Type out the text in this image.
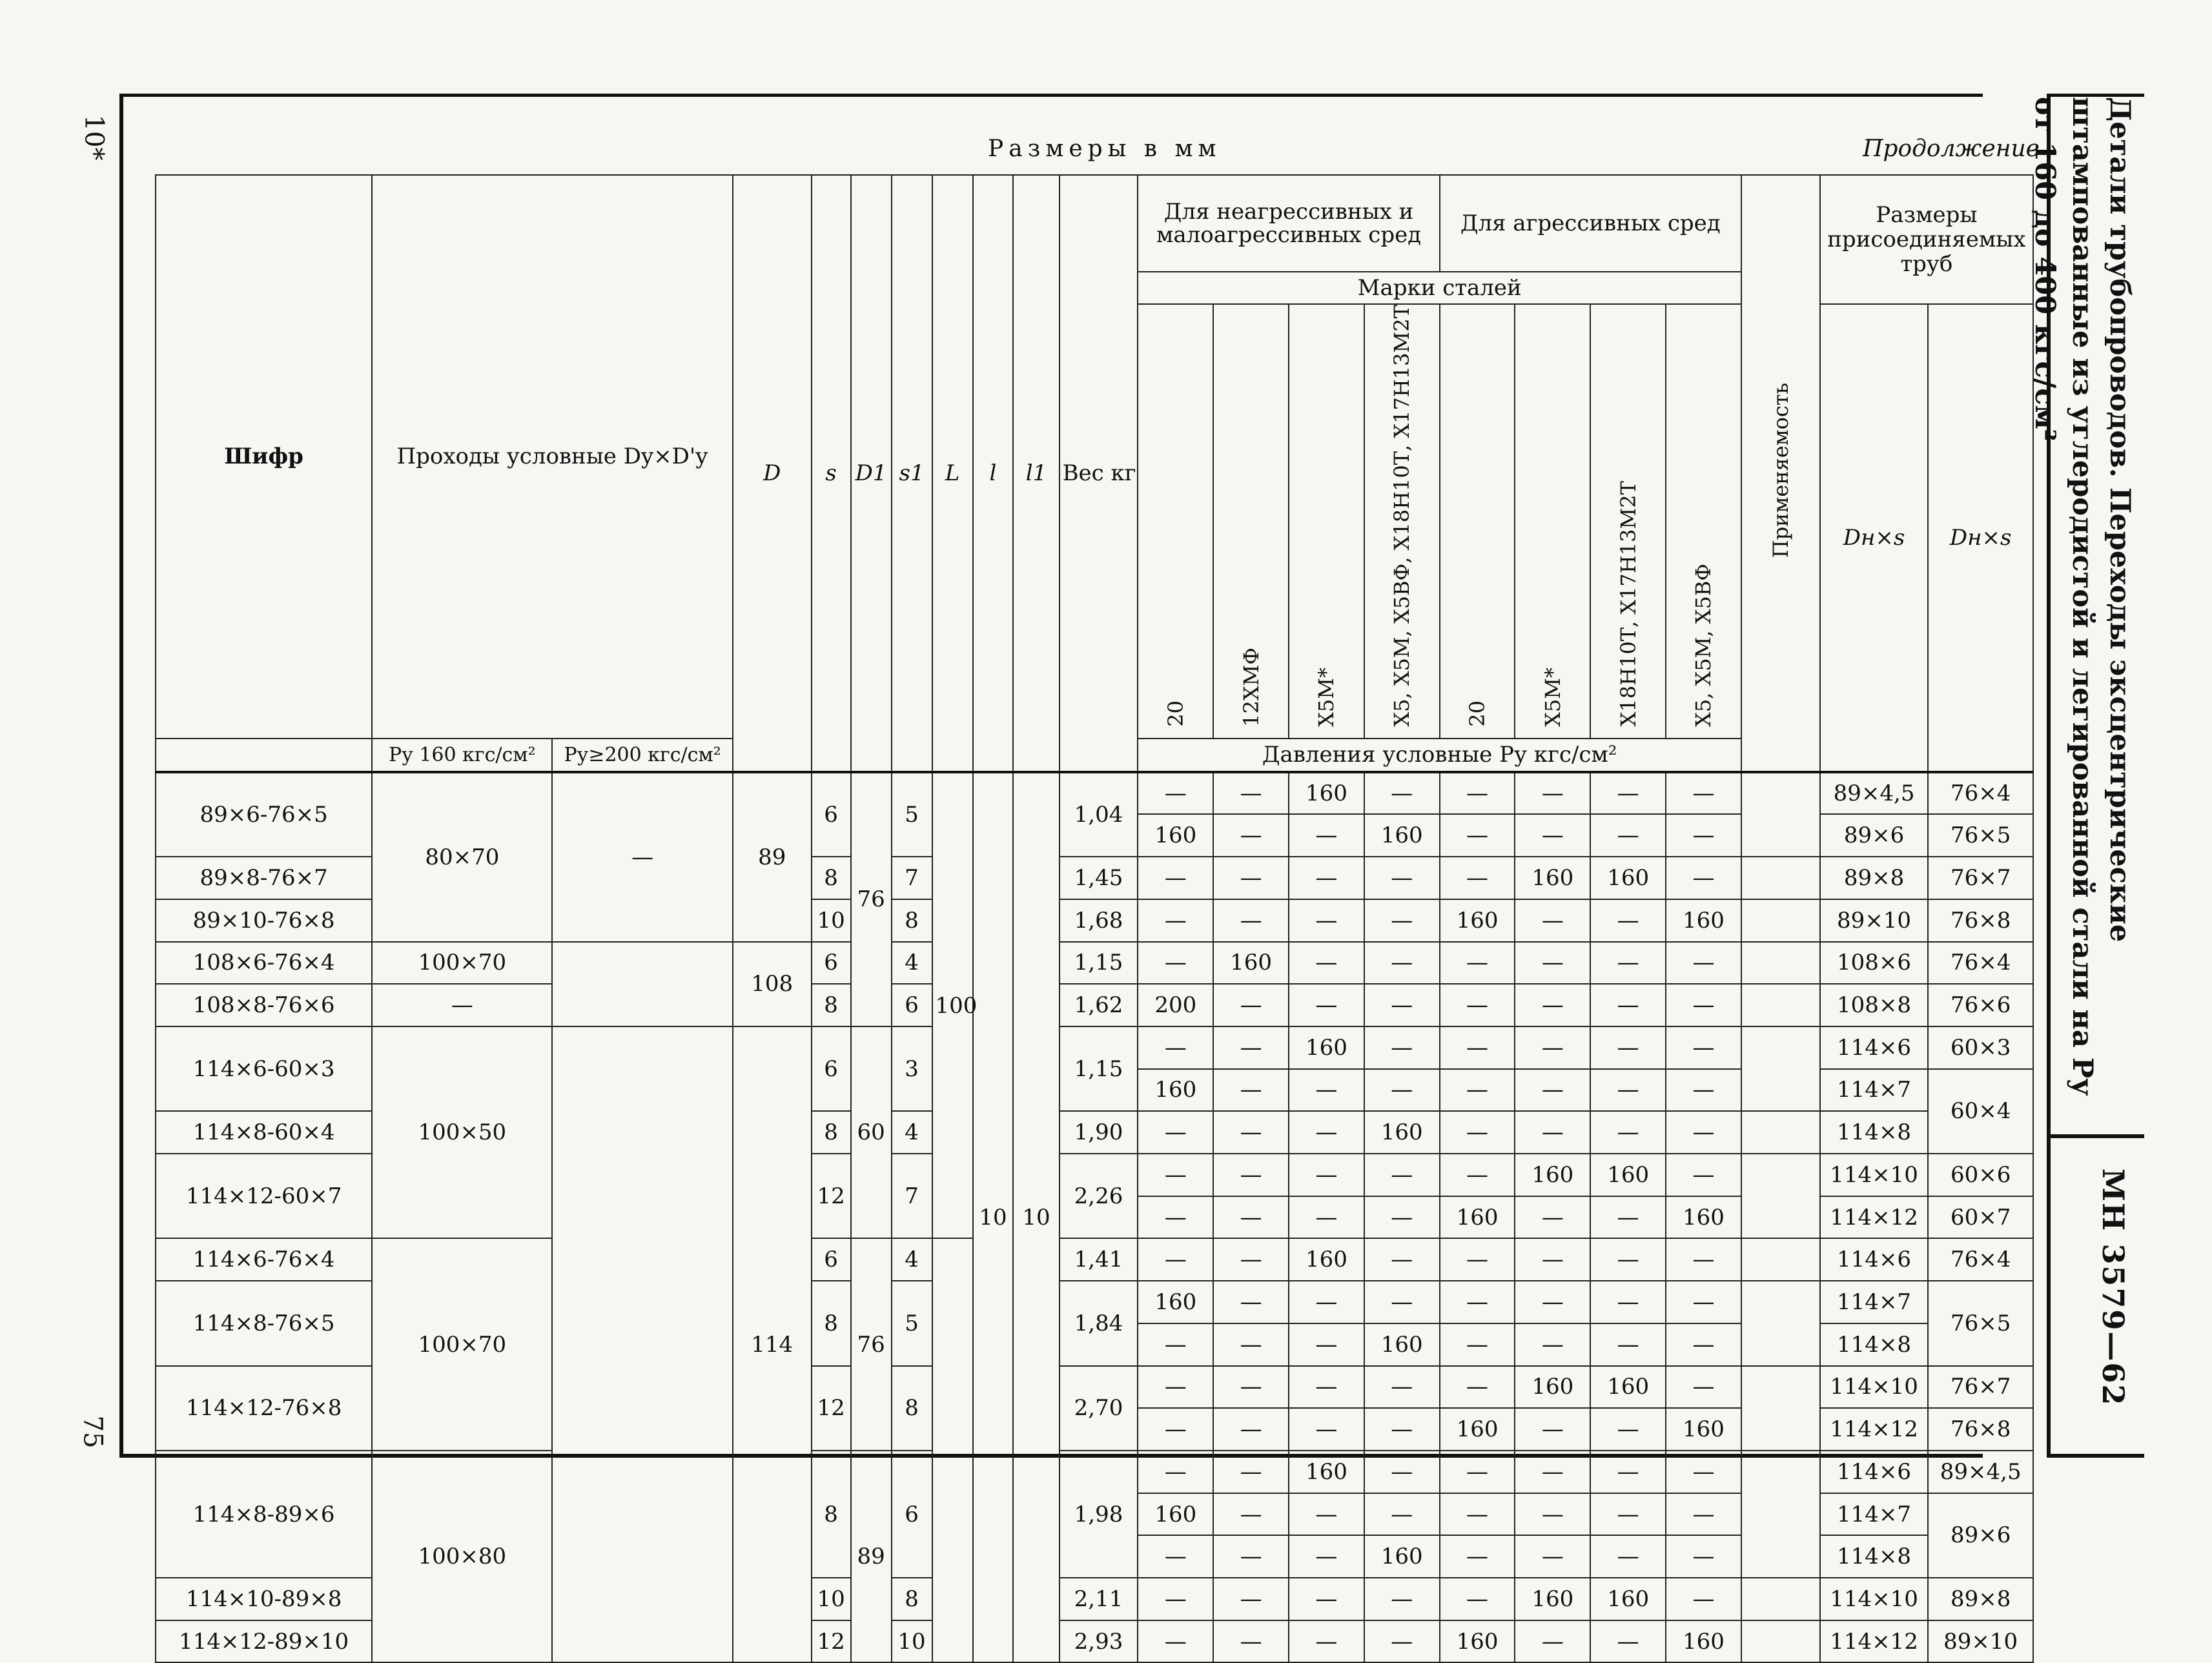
10*
75
Размеры в мм	Продолжение	Детали трубопроводов. Переходы эксцентрические штампованные из углеродистой и легированной стали на Pу от 160 до 400 кгс/см²
МН 3579—62
Шифр	Проходы условные Dy×D'y		D	s	D1	s1	L	l	l1	Вес кг	Для неагрессивных и малоагрессивных сред				Для агрессивных сред				Применяемость	Размеры присоединяемых труб	
											Марки сталей										
											20	12ХМФ	Х5М*	Х5, Х5М, Х5ВФ, Х18Н10Т, Х17Н13М2Т	20	Х5М*	Х18Н10Т, Х17Н13М2Т	Х5, Х5М, Х5ВФ		Dн×s	Dн×s
	Pу 160 кгс/см²	Pу≥200 кгс/см²									Давления условные Pу кгс/см²										
89×6-76×5	80×70	—	89	6	76	5	100	10	10	1,04	—	—	160	—	—	—	—	—		89×4,5	76×4
											160	—	—	160	—	—	—	—		89×6	76×5
89×8-76×7				8		7				1,45	—	—	—	—	—	160	160	—		89×8	76×7
89×10-76×8				10		8				1,68	—	—	—	—	160	—	—	160		89×10	76×8
108×6-76×4	100×70		108	6		4				1,15	—	160	—	—	—	—	—	—		108×6	76×4
108×8-76×6	—			8		6				1,62	200	—	—	—	—	—	—	—		108×8	76×6
114×6-60×3	100×50		114	6	60	3				1,15	—	—	160	—	—	—	—	—		114×6	60×3
											160	—	—	—	—	—	—	—		114×7	60×4
114×8-60×4				8		4				1,90	—	—	—	160	—	—	—	—		114×8	
114×12-60×7				12		7				2,26	—	—	—	—	—	160	160	—		114×10	60×6
											—	—	—	—	160	—	—	160		114×12	60×7
114×6-76×4	100×70			6	76	4				1,41	—	—	160	—	—	—	—	—		114×6	76×4
114×8-76×5				8		5				1,84	160	—	—	—	—	—	—	—		114×7	76×5
											—	—	—	160	—	—	—	—		114×8	
114×12-76×8				12		8				2,70	—	—	—	—	—	160	160	—		114×10	76×7
											—	—	—	—	160	—	—	160		114×12	76×8
114×8-89×6	100×80			8	89	6				1,98	—	—	160	—	—	—	—	—		114×6	89×4,5
											160	—	—	—	—	—	—	—		114×7	89×6
											—	—	—	160	—	—	—	—		114×8	
114×10-89×8				10		8				2,11	—	—	—	—	—	160	160	—		114×10	89×8
114×12-89×10				12		10				2,93	—	—	—	—	160	—	—	160		114×12	89×10
